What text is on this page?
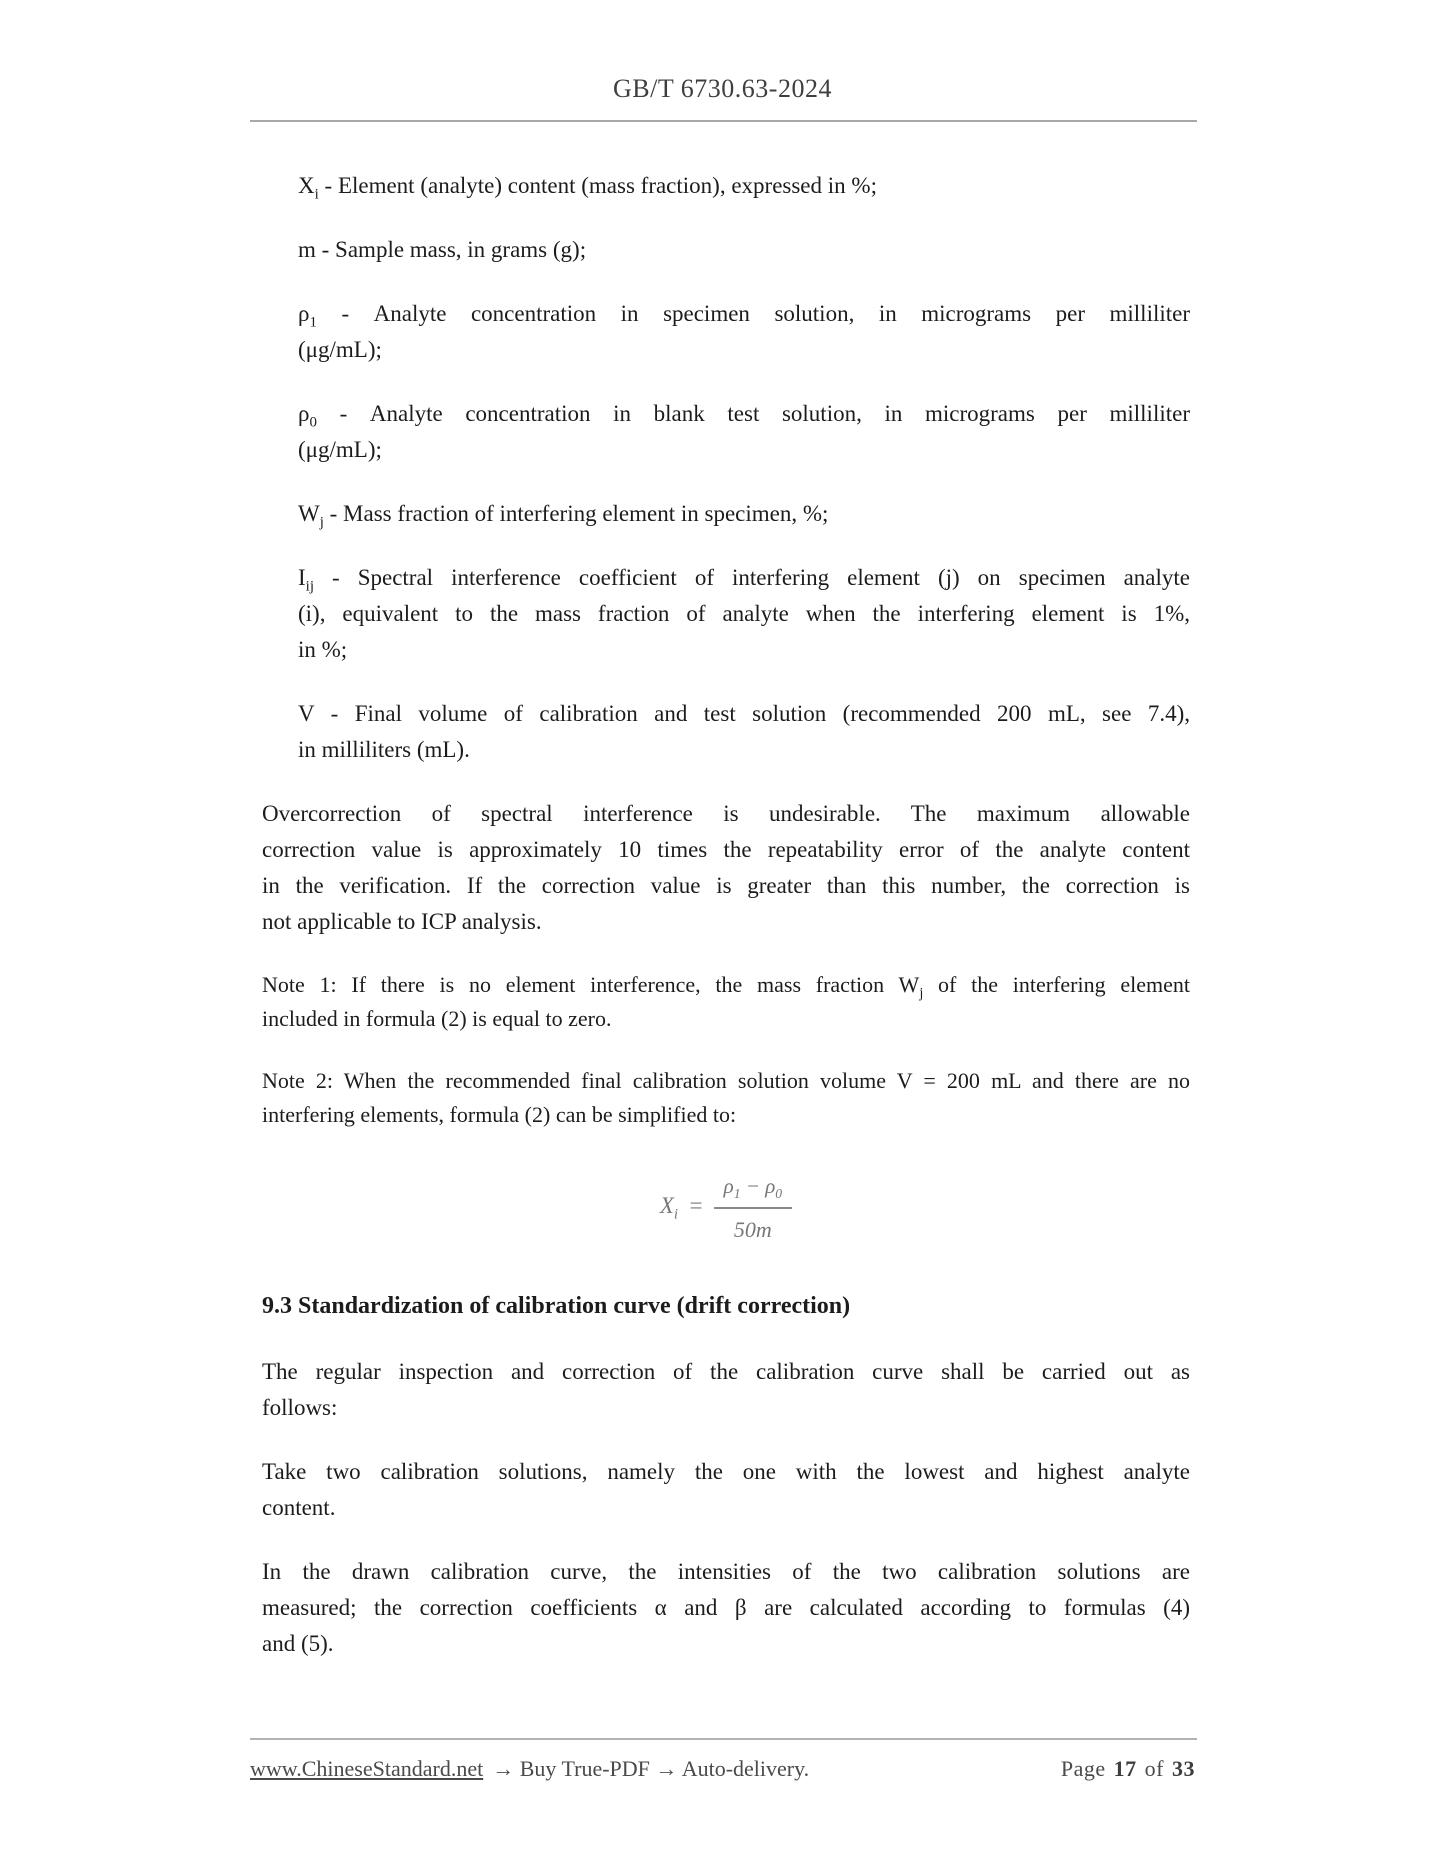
GB/T 6730.63-2024
$X_i$ - Element (analyte) content (mass fraction), expressed in %;
m - Sample mass, in grams (g);
$\rho_1$ - Analyte concentration in specimen solution, in micrograms per milliliter
(μg/mL);
$\rho_0$ - Analyte concentration in blank test solution, in micrograms per milliliter
(μg/mL);
$W_j$ - Mass fraction of interfering element in specimen, %;
$I_{ij}$ - Spectral interference coefficient of interfering element (j) on specimen analyte
(i), equivalent to the mass fraction of analyte when the interfering element is 1%,
in %;
V - Final volume of calibration and test solution (recommended 200 mL, see 7.4),
in milliliters (mL).
Overcorrection of spectral interference is undesirable. The maximum allowable
correction value is approximately 10 times the repeatability error of the analyte content
in the verification. If the correction value is greater than this number, the correction is
not applicable to ICP analysis.
Note 1: If there is no element interference, the mass fraction $W_j$ of the interfering element
included in formula (2) is equal to zero.
Note 2: When the recommended final calibration solution volume V = 200 mL and there are no
interfering elements, formula (2) can be simplified to:
$X_i = \frac{\rho_1 - \rho_0}{50m}$
9.3 Standardization of calibration curve (drift correction)
The regular inspection and correction of the calibration curve shall be carried out as
follows:
Take two calibration solutions, namely the one with the lowest and highest analyte
content.
In the drawn calibration curve, the intensities of the two calibration solutions are
measured; the correction coefficients α and β are calculated according to formulas (4)
and (5).
www.ChineseStandard.net → Buy True-PDF → Auto-delivery.	Page 17 of 33
